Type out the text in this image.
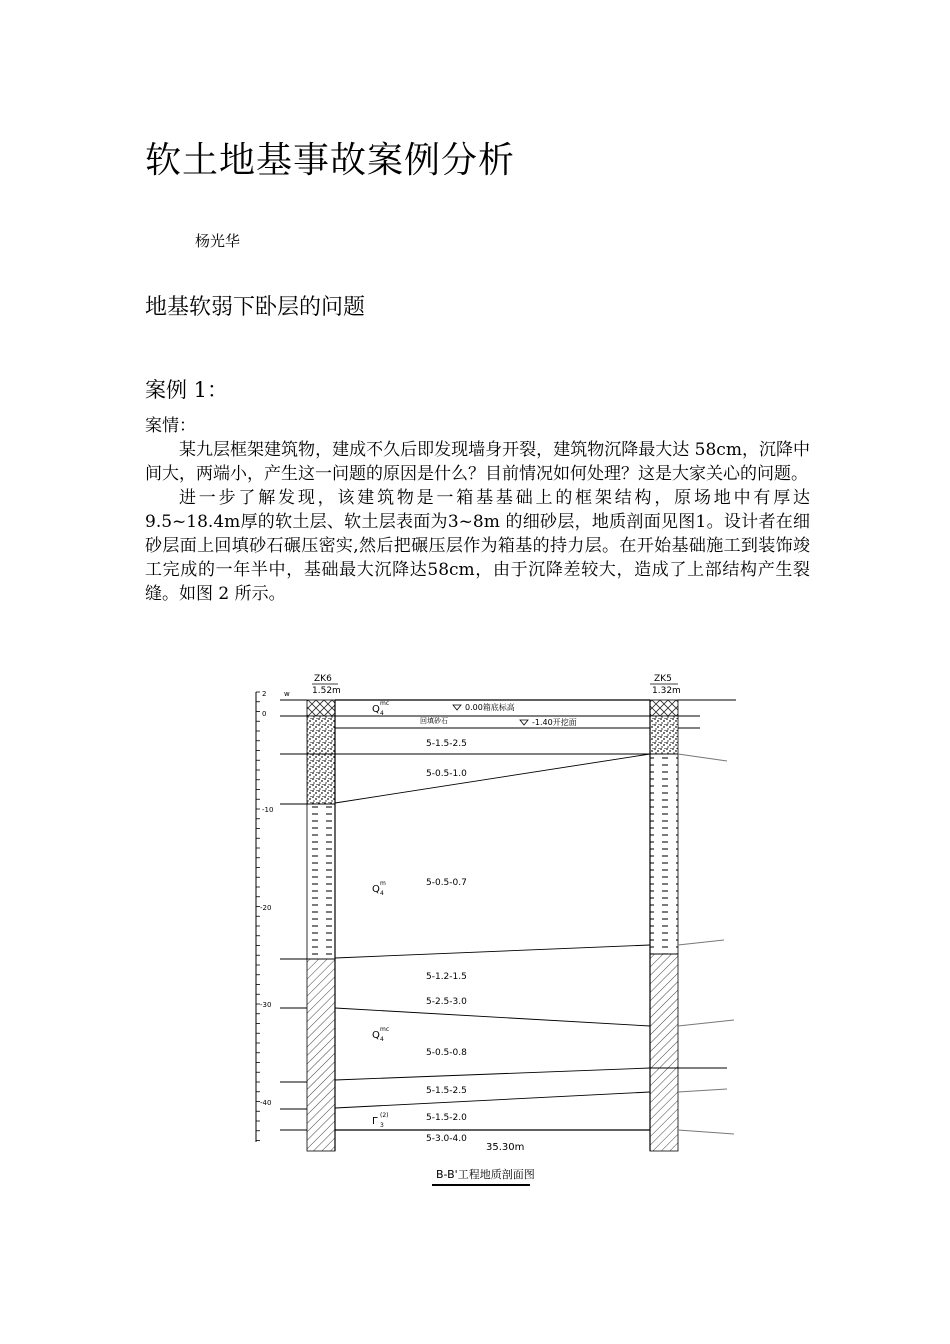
软土地基事故案例分析
杨光华
地基软弱下卧层的问题
案例 1：

案情：

某九层框架建筑物，建成不久后即发现墙身开裂，建筑物沉降最大达 58cm，沉降中间大，两端小，产生这一问题的原因是什么？目前情况如何处理？这是大家关心的问题。

进一步了解发现，该建筑物是一箱基基础上的框架结构，原场地中有厚达9.5~18.4m厚的软土层、软土层表面为3~8m 的细砂层，地质剖面见图1。设计者在细砂层面上回填砂石碾压密实,然后把碾压层作为箱基的持力层。在开始基础施工到装饰竣工完成的一年半中，基础最大沉降达58cm，由于沉降差较大，造成了上部结构产生裂缝。如图 2 所示。

2
0
-10
-20
-30
-40
w
ZK6
1.52m
ZK5
1.32m
0.00箱底标高
回填砂石	-1.40开挖面
5-1.5-2.5
5-0.5-1.0
5-0.5-0.7
5-1.2-1.5
5-2.5-3.0
5-0.5-0.8
5-1.5-2.5
5-1.5-2.0
5-3.0-4.0
35.30m
Q 4
mc
Q 4
m
Q 4
mc
Γ 3
(2)
B-B'工程地质剖面图
